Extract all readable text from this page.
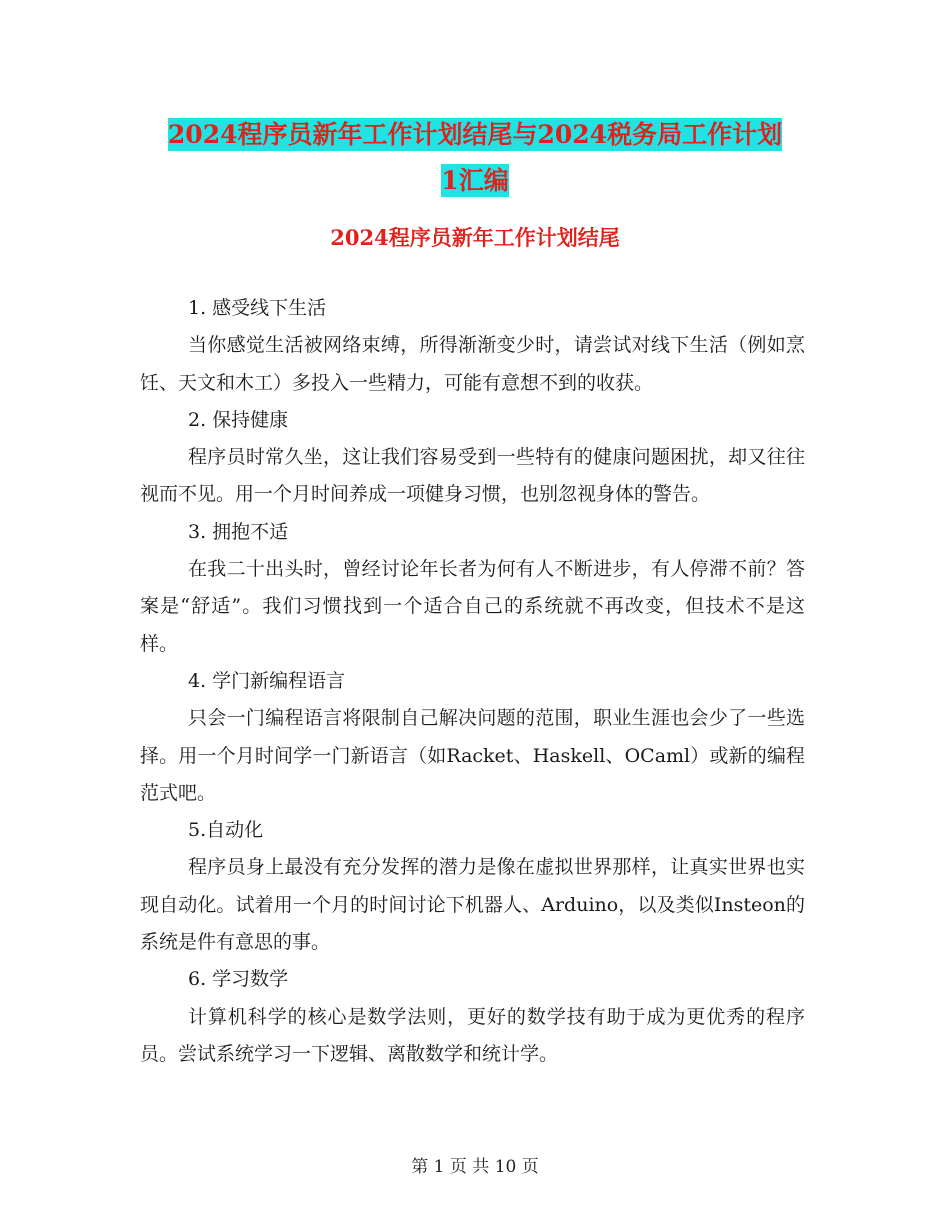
2024程序员新年工作计划结尾与2024税务局工作计划
1汇编
2024程序员新年工作计划结尾

1. 感受线下生活

当你感觉生活被网络束缚，所得渐渐变少时，请尝试对线下生活（例如烹饪、天文和木工）多投入一些精力，可能有意想不到的收获。

2. 保持健康

程序员时常久坐，这让我们容易受到一些特有的健康问题困扰，却又往往视而不见。用一个月时间养成一项健身习惯，也别忽视身体的警告。

3. 拥抱不适

在我二十出头时，曾经讨论年长者为何有人不断进步，有人停滞不前？答案是“舒适”。我们习惯找到一个适合自己的系统就不再改变，但技术不是这样。

4. 学门新编程语言

只会一门编程语言将限制自己解决问题的范围，职业生涯也会少了一些选择。用一个月时间学一门新语言（如Racket、Haskell、OCaml）或新的编程范式吧。

5.自动化

程序员身上最没有充分发挥的潜力是像在虚拟世界那样，让真实世界也实现自动化。试着用一个月的时间讨论下机器人、Arduino，以及类似Insteon的系统是件有意思的事。

6. 学习数学

计算机科学的核心是数学法则，更好的数学技有助于成为更优秀的程序员。尝试系统学习一下逻辑、离散数学和统计学。

第 1 页 共 10 页
